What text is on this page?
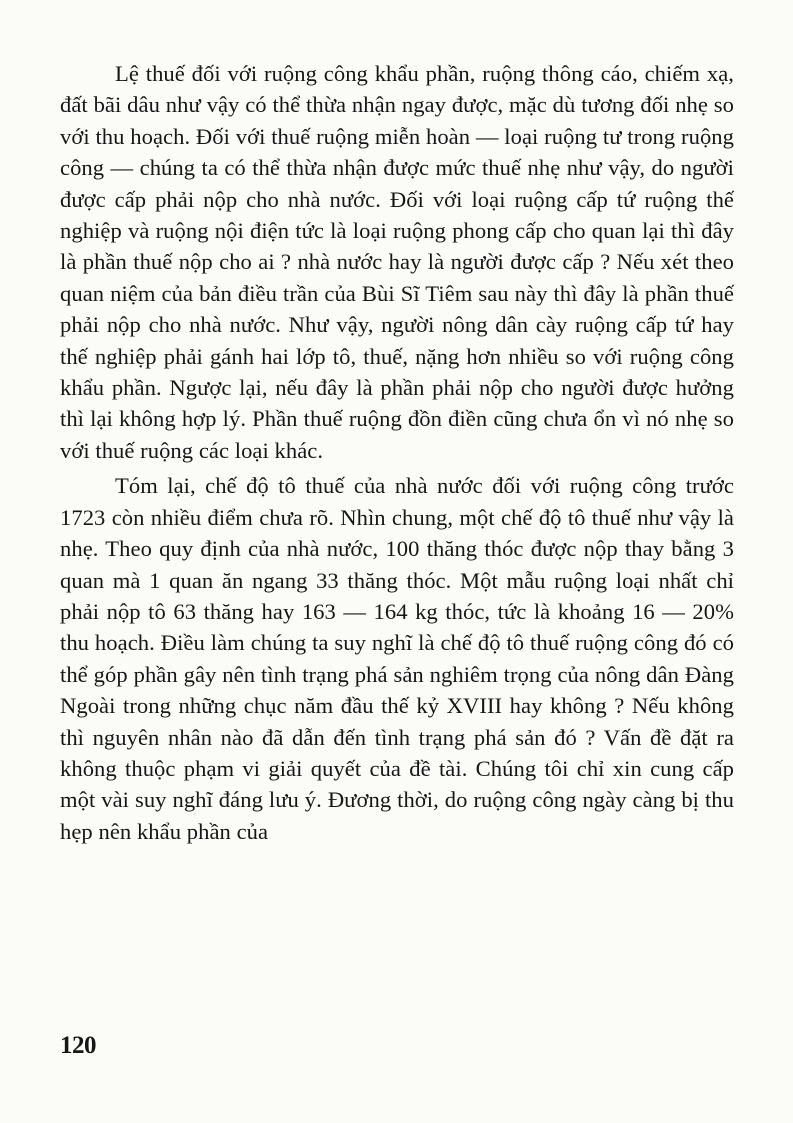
Lệ thuế đối với ruộng công khẩu phần, ruộng thông cáo, chiếm xạ, đất bãi dâu như vậy có thể thừa nhận ngay được, mặc dù tương đối nhẹ so với thu hoạch. Đối với thuế ruộng miễn hoàn — loại ruộng tư trong ruộng công — chúng ta có thể thừa nhận được mức thuế nhẹ như vậy, do người được cấp phải nộp cho nhà nước. Đối với loại ruộng cấp tứ ruộng thế nghiệp và ruộng nội điện tức là loại ruộng phong cấp cho quan lại thì đây là phần thuế nộp cho ai ? nhà nước hay là người được cấp ? Nếu xét theo quan niệm của bản điều trần của Bùi Sĩ Tiêm sau này thì đây là phần thuế phải nộp cho nhà nước. Như vậy, người nông dân cày ruộng cấp tứ hay thế nghiệp phải gánh hai lớp tô, thuế, nặng hơn nhiều so với ruộng công khẩu phần. Ngược lại, nếu đây là phần phải nộp cho người được hưởng thì lại không hợp lý. Phần thuế ruộng đồn điền cũng chưa ổn vì nó nhẹ so với thuế ruộng các loại khác.

Tóm lại, chế độ tô thuế của nhà nước đối với ruộng công trước 1723 còn nhiều điểm chưa rõ. Nhìn chung, một chế độ tô thuế như vậy là nhẹ. Theo quy định của nhà nước, 100 thăng thóc được nộp thay bằng 3 quan mà 1 quan ăn ngang 33 thăng thóc. Một mẫu ruộng loại nhất chỉ phải nộp tô 63 thăng hay 163 — 164 kg thóc, tức là khoảng 16 — 20% thu hoạch. Điều làm chúng ta suy nghĩ là chế độ tô thuế ruộng công đó có thể góp phần gây nên tình trạng phá sản nghiêm trọng của nông dân Đàng Ngoài trong những chục năm đầu thế kỷ XVIII hay không ? Nếu không thì nguyên nhân nào đã dẫn đến tình trạng phá sản đó ? Vấn đề đặt ra không thuộc phạm vi giải quyết của đề tài. Chúng tôi chỉ xin cung cấp một vài suy nghĩ đáng lưu ý. Đương thời, do ruộng công ngày càng bị thu hẹp nên khẩu phần của

120
